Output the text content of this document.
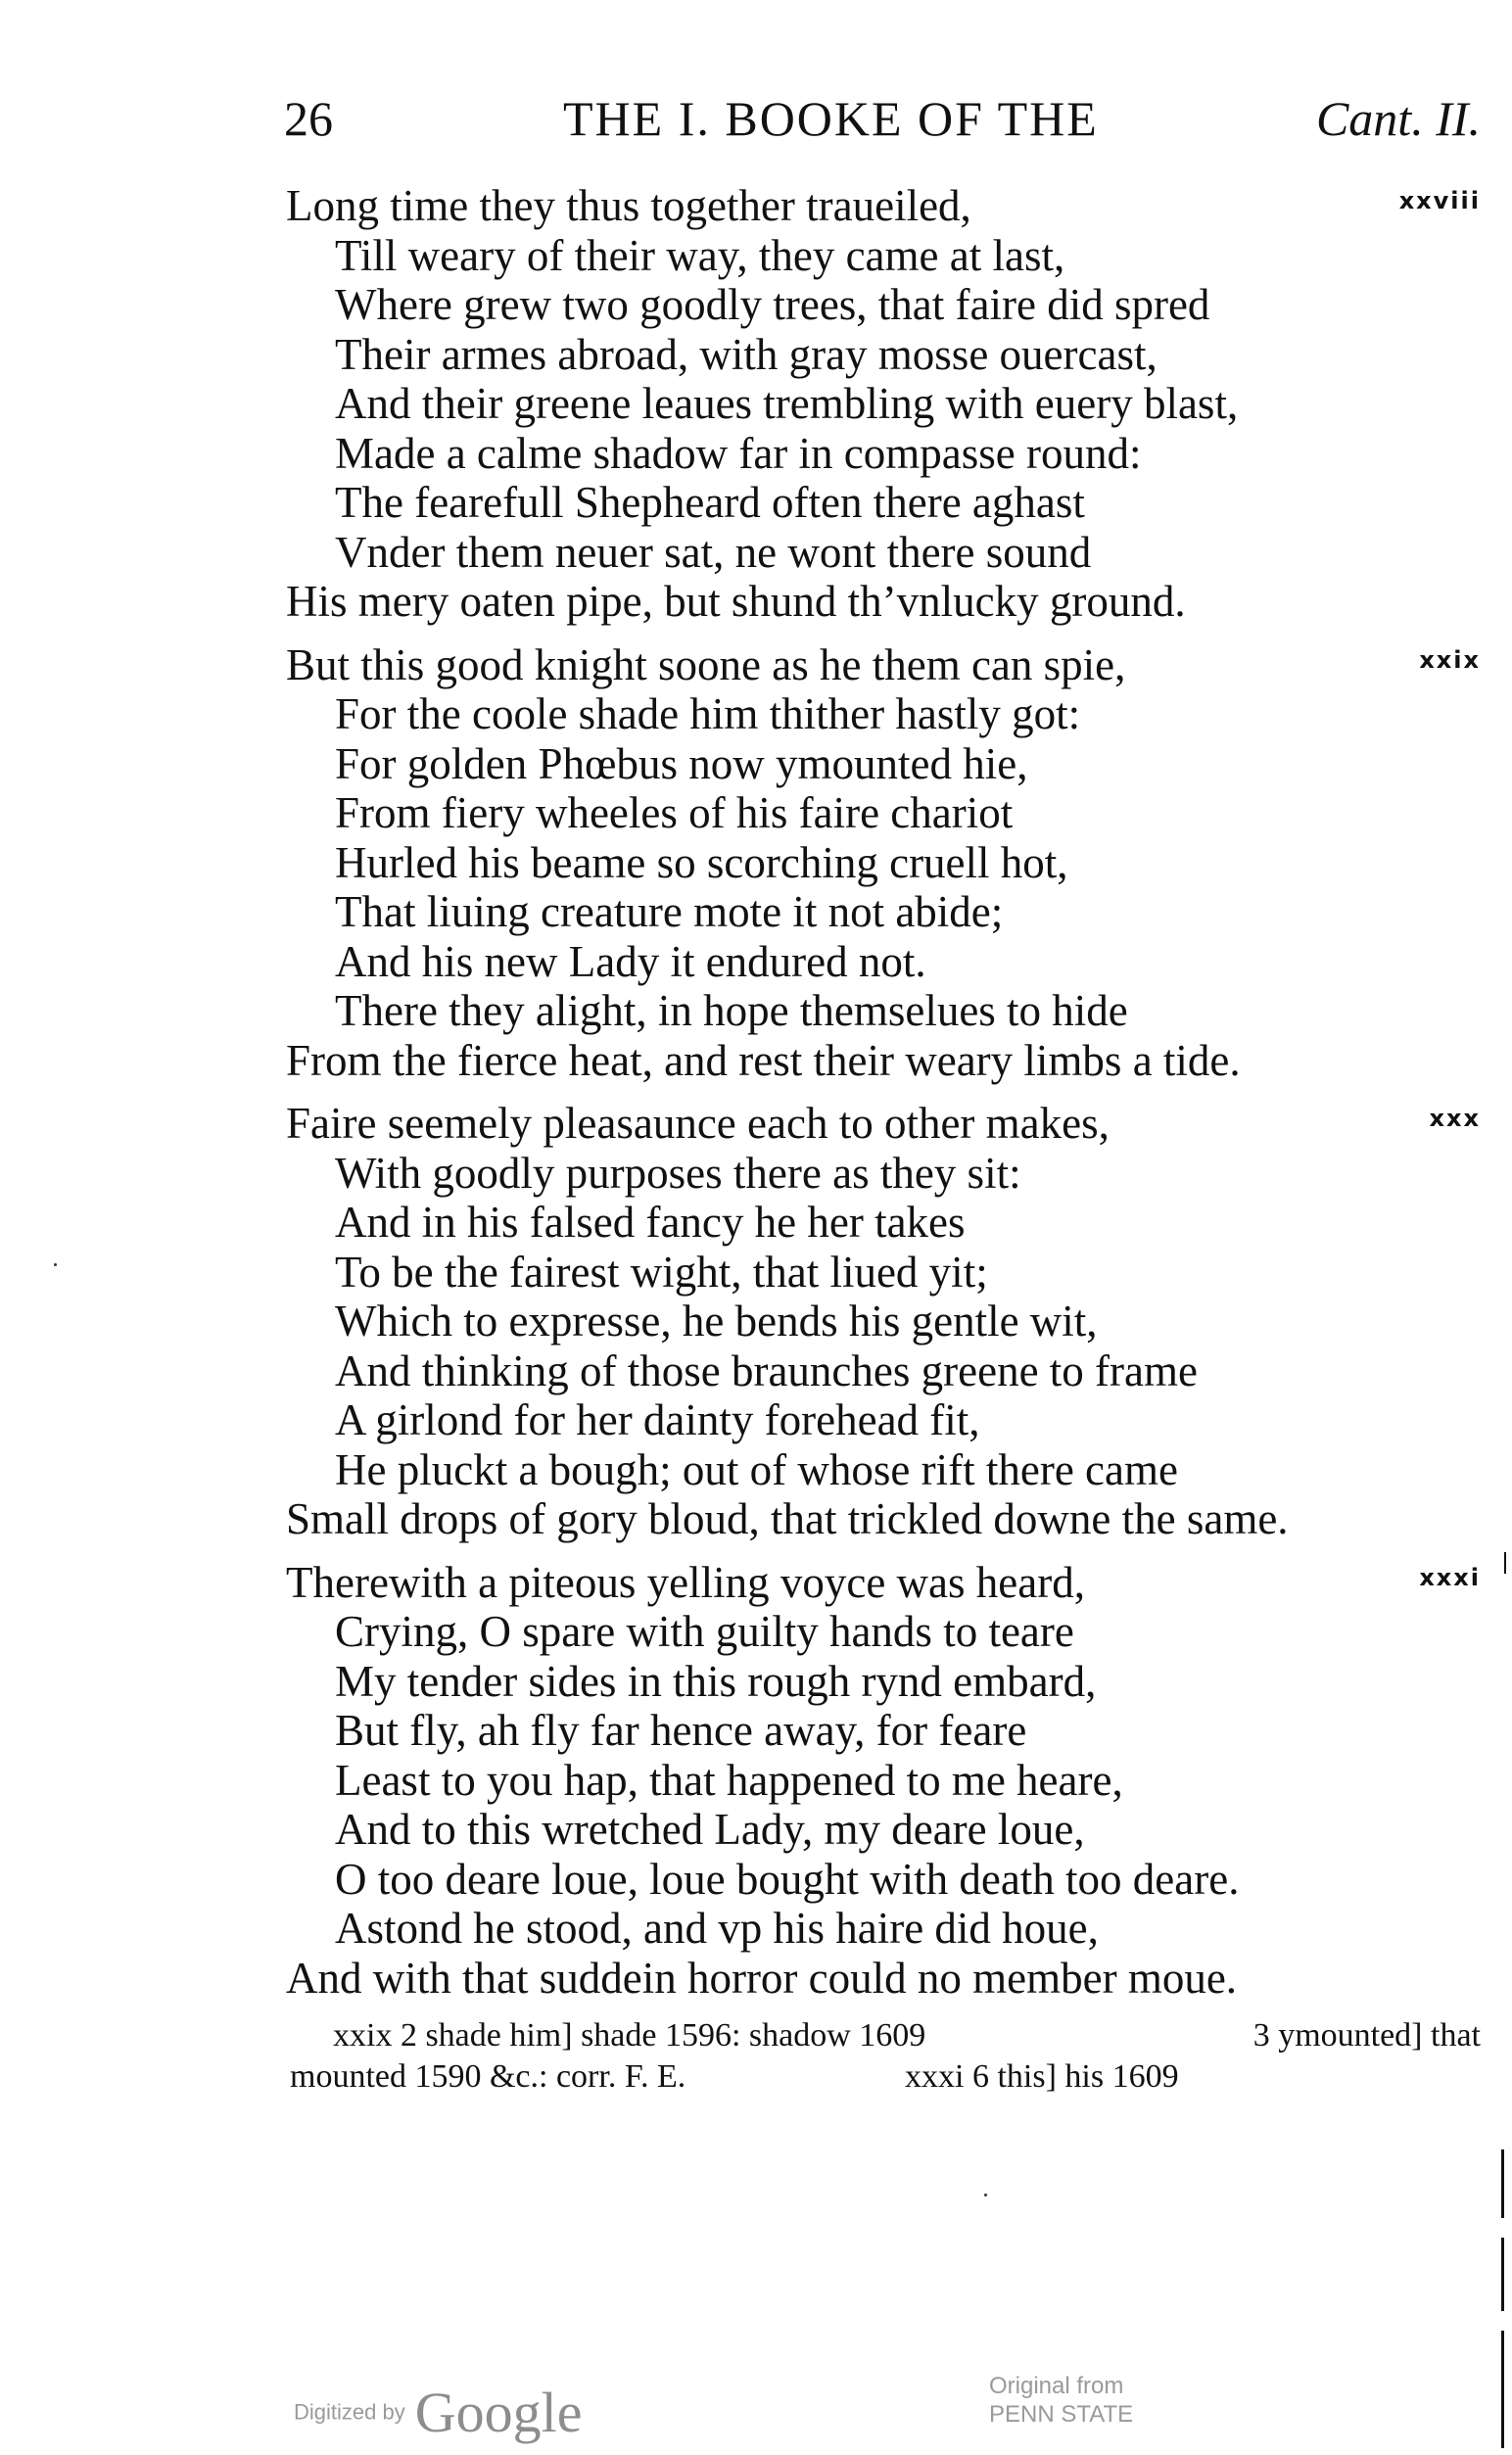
26	THE I. BOOKE OF THE	Cant. II.
xxviii
Long time they thus together traueiled,
Till weary of their way, they came at last,
Where grew two goodly trees, that faire did spred
Their armes abroad, with gray mosse ouercast,
And their greene leaues trembling with euery blast,
Made a calme shadow far in compasse round:
The fearefull Shepheard often there aghast
Vnder them neuer sat, ne wont there sound
His mery oaten pipe, but shund th’vnlucky ground.
xxix
But this good knight soone as he them can spie,
For the coole shade him thither hastly got:
For golden Phœbus now ymounted hie,
From fiery wheeles of his faire chariot
Hurled his beame so scorching cruell hot,
That liuing creature mote it not abide;
And his new Lady it endured not.
There they alight, in hope themselues to hide
From the fierce heat, and rest their weary limbs a tide.
xxx
Faire seemely pleasaunce each to other makes,
With goodly purposes there as they sit:
And in his falsed fancy he her takes
To be the fairest wight, that liued yit;
Which to expresse, he bends his gentle wit,
And thinking of those braunches greene to frame
A girlond for her dainty forehead fit,
He pluckt a bough; out of whose rift there came
Small drops of gory bloud, that trickled downe the same.
xxxi
Therewith a piteous yelling voyce was heard,
Crying, O spare with guilty hands to teare
My tender sides in this rough rynd embard,
But fly, ah fly far hence away, for feare
Least to you hap, that happened to me heare,
And to this wretched Lady, my deare loue,
O too deare loue, loue bought with death too deare.
Astond he stood, and vp his haire did houe,
And with that suddein horror could no member moue.
xxix 2 shade him] shade 1596: shadow 1609	3 ymounted] that
mounted 1590 &c.: corr. F. E.	xxxi 6 this] his 1609
Digitized by Google	Original from
PENN STATE
